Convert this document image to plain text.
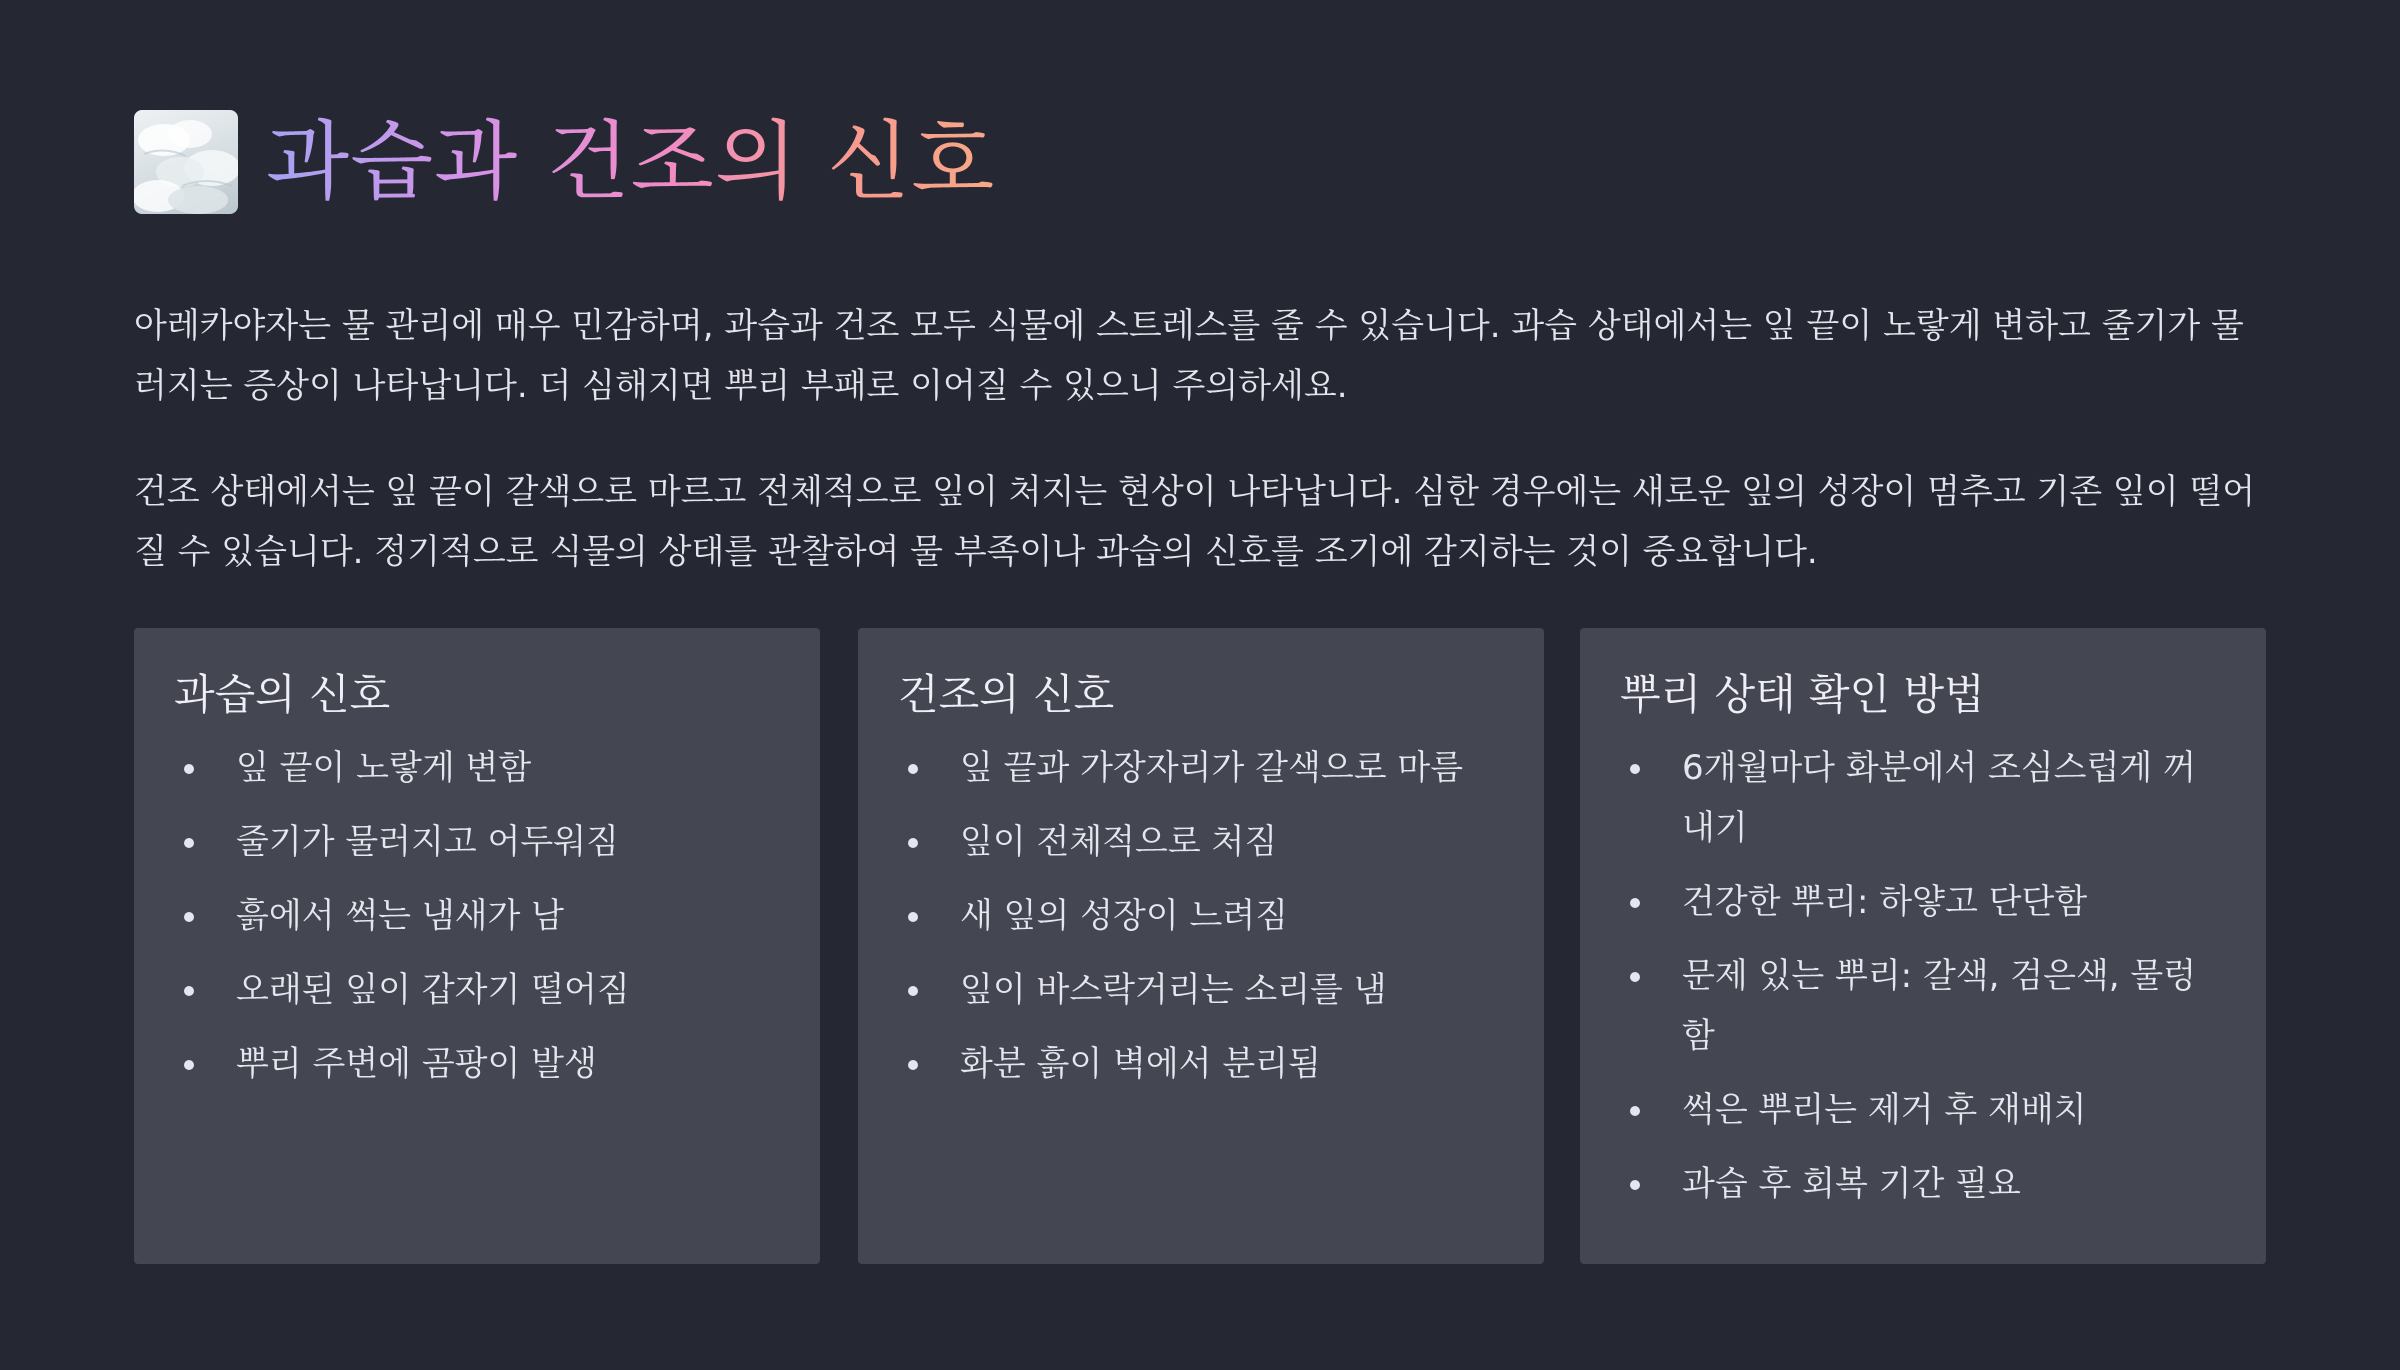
과습과 건조의 신호

아레카야자는 물 관리에 매우 민감하며, 과습과 건조 모두 식물에 스트레스를 줄 수 있습니다. 과습 상태에서는 잎 끝이 노랗게 변하고 줄기가 물러지는 증상이 나타납니다. 더 심해지면 뿌리 부패로 이어질 수 있으니 주의하세요.

건조 상태에서는 잎 끝이 갈색으로 마르고 전체적으로 잎이 처지는 현상이 나타납니다. 심한 경우에는 새로운 잎의 성장이 멈추고 기존 잎이 떨어질 수 있습니다. 정기적으로 식물의 상태를 관찰하여 물 부족이나 과습의 신호를 조기에 감지하는 것이 중요합니다.

과습의 신호
잎 끝이 노랗게 변함
줄기가 물러지고 어두워짐
흙에서 썩는 냄새가 남
오래된 잎이 갑자기 떨어짐
뿌리 주변에 곰팡이 발생
건조의 신호
잎 끝과 가장자리가 갈색으로 마름
잎이 전체적으로 처짐
새 잎의 성장이 느려짐
잎이 바스락거리는 소리를 냄
화분 흙이 벽에서 분리됨
뿌리 상태 확인 방법
6개월마다 화분에서 조심스럽게 꺼내기
건강한 뿌리: 하얗고 단단함
문제 있는 뿌리: 갈색, 검은색, 물렁함
썩은 뿌리는 제거 후 재배치
과습 후 회복 기간 필요
